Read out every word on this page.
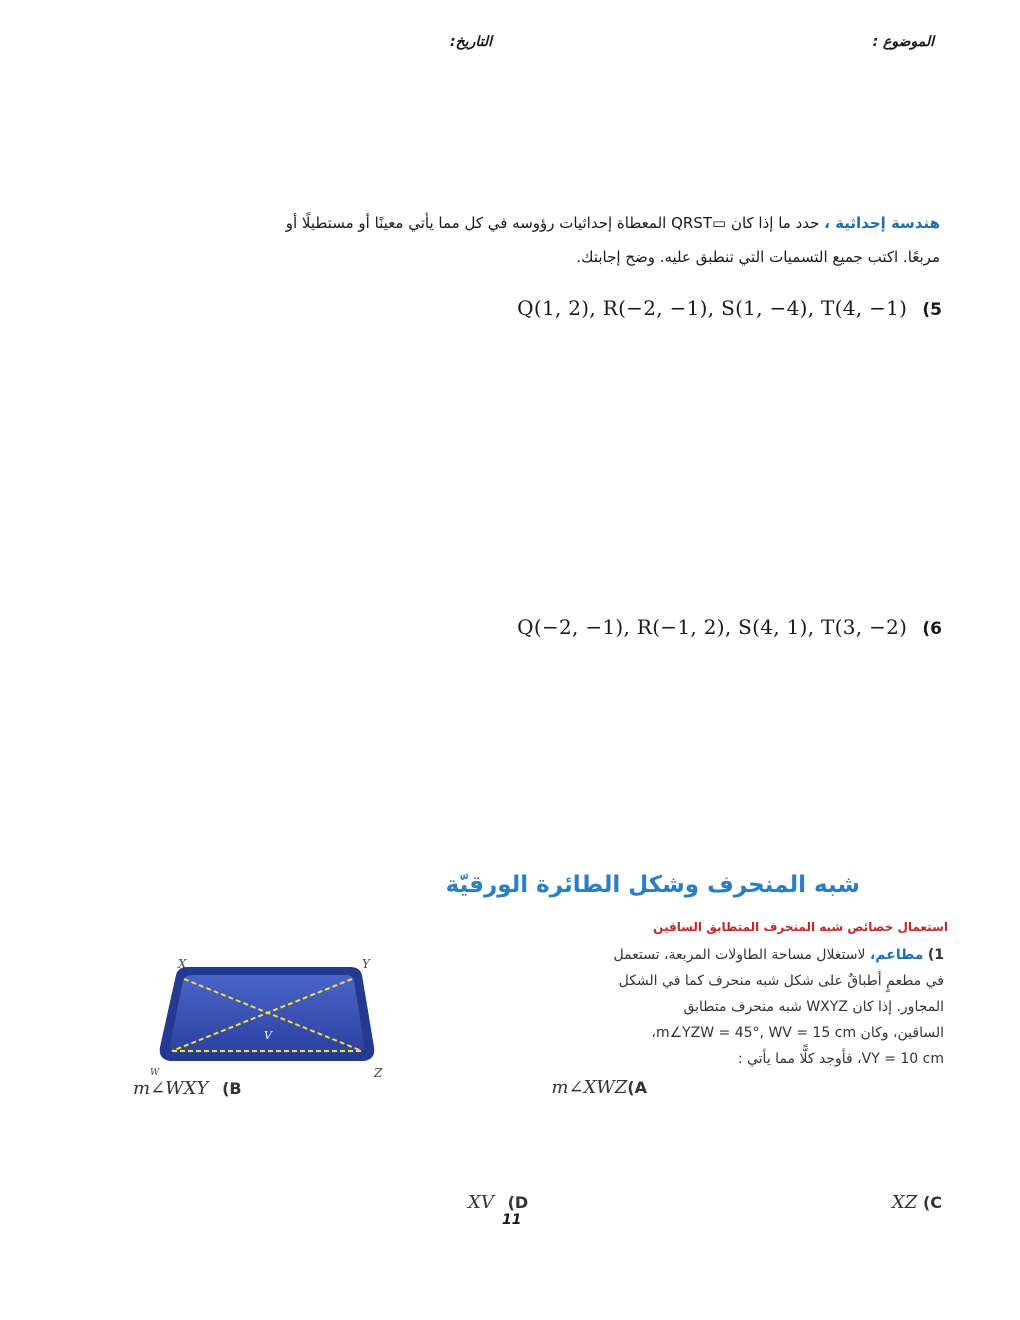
الموضوع :
التاريخ:
هندسة إحداثية ، حدد ما إذا كان ▭QRST المعطاة إحداثيات رؤوسه في كل مما يأتي معينًا أو مستطيلًا أو
مربعًا. اكتب جميع التسميات التي تنطبق عليه. وضح إجابتك.
Q(1, 2), R(−2, −1), S(1, −4), T(4, −1) (5
Q(−2, −1), R(−1, 2), S(4, 1), T(3, −2) (6
شبه المنحرف وشكل الطائرة الورقيّة
استعمال خصائص شبه المنحرف المتطابق الساقين
1) مطاعم، لاستغلال مساحة الطاولات المربعة، تستعمل
في مطعمٍ أطباقٌ على شكل شبه منحرف كما في الشكل
المجاور. إذا كان WXYZ شبه منحرف متطابق
الساقين، وكان m∠YZW = 45°, WV = 15 cm،
VY = 10 cm، فأوجد كلًّا مما يأتي :
X	Y
W	Z
V
m∠XWZ(A
m∠WXY (B
XZ (C
XV (D
11
